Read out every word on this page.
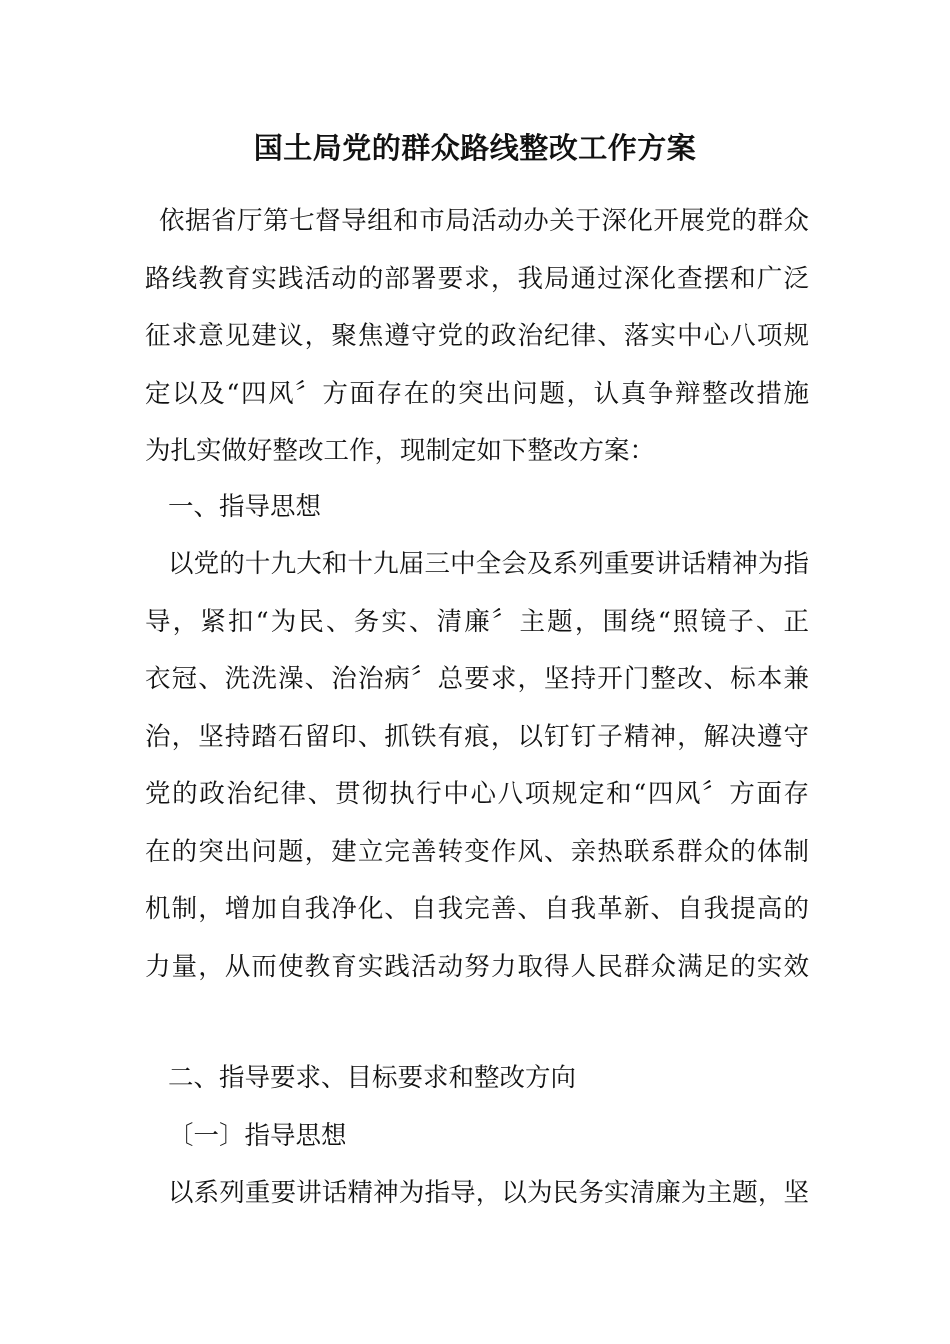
国土局党的群众路线整改工作方案
依据省厅第七督导组和市局活动办关于深化开展党的群众
路线教育实践活动的部署要求，我局通过深化查摆和广泛
征求意见建议，聚焦遵守党的政治纪律、落实中心八项规
定以及“四风〞方面存在的突出问题，认真争辩整改措施
为扎实做好整改工作，现制定如下整改方案：
一、指导思想
以党的十九大和十九届三中全会及系列重要讲话精神为指
导，紧扣“为民、务实、清廉〞主题，围绕“照镜子、正
衣冠、洗洗澡、治治病〞总要求，坚持开门整改、标本兼
治，坚持踏石留印、抓铁有痕，以钉钉子精神，解决遵守
党的政治纪律、贯彻执行中心八项规定和“四风〞方面存
在的突出问题，建立完善转变作风、亲热联系群众的体制
机制，增加自我净化、自我完善、自我革新、自我提高的
力量，从而使教育实践活动努力取得人民群众满足的实效
二、指导要求、目标要求和整改方向
〔一〕指导思想
以系列重要讲话精神为指导，以为民务实清廉为主题，坚
